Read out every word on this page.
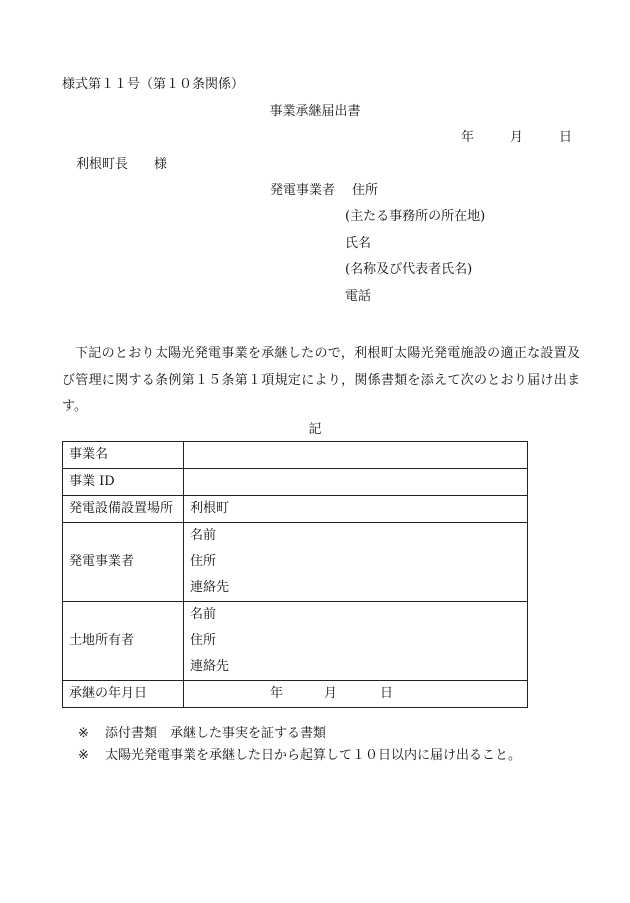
様式第１１号（第１０条関係）
事業承継届出書
年	月	日
利根町長　　様
発電事業者 住所
(主たる事務所の所在地)
氏名
(名称及び代表者氏名)
電話
下記のとおり太陽光発電事業を承継したので，利根町太陽光発電施設の適正な設置及び管理に関する条例第１５条第１項規定により，関係書類を添えて次のとおり届け出ます。
記
事業名	
事業 ID	
発電設備設置場所	利根町
発電事業者	名前
	住所
	連絡先
土地所有者	名前
	住所
	連絡先
承継の年月日	年 月 日
※ 添付書類　承継した事実を証する書類
※ 太陽光発電事業を承継した日から起算して１０日以内に届け出ること。
